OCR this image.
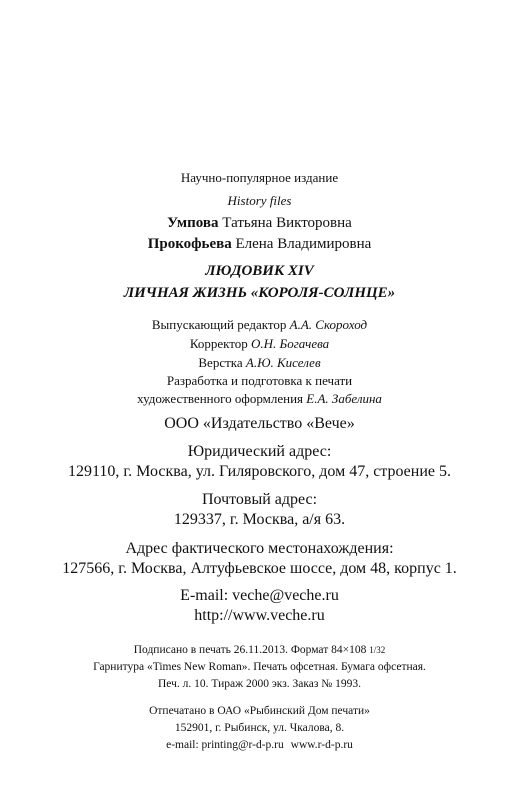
Научно-популярное издание
History files
Умпова Татьяна Викторовна
Прокофьева Елена Владимировна
ЛЮДОВИК XIV
ЛИЧНАЯ ЖИЗНЬ «КОРОЛЯ-СОЛНЦЕ»
Выпускающий редактор А.А. Скороход
Корректор О.Н. Богачева
Верстка А.Ю. Киселев
Разработка и подготовка к печати
художественного оформления Е.А. Забелина
ООО «Издательство «Вече»
Юридический адрес:
129110, г. Москва, ул. Гиляровского, дом 47, строение 5.
Почтовый адрес:
129337, г. Москва, а/я 63.
Адрес фактического местонахождения:
127566, г. Москва, Алтуфьевское шоссе, дом 48, корпус 1.
E-mail: veche@veche.ru
http://www.veche.ru
Подписано в печать 26.11.2013. Формат 84×108 1/32
Гарнитура «Times New Roman». Печать офсетная. Бумага офсетная.
Печ. л. 10. Тираж 2000 экз. Заказ № 1993.
Отпечатано в ОАО «Рыбинский Дом печати»
152901, г. Рыбинск, ул. Чкалова, 8.
e-mail: printing@r-d-p.ru www.r-d-p.ru
